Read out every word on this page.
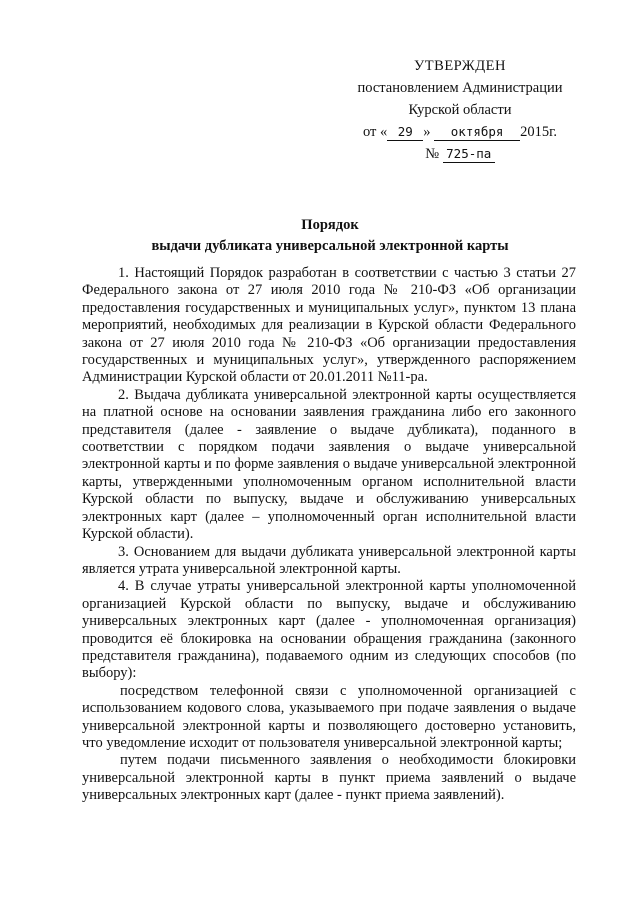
УТВЕРЖДЕН
постановлением Администрации
Курской области
от « 29 » октября 2015г.
№ 725-па
Порядок
выдачи дубликата универсальной электронной карты

1. Настоящий Порядок разработан в соответствии с частью 3 статьи 27 Федерального закона от 27 июля 2010 года № 210-ФЗ «Об организации предоставления государственных и муниципальных услуг», пунктом 13 плана мероприятий, необходимых для реализации в Курской области Федерального закона от 27 июля 2010 года № 210-ФЗ «Об организации предоставления государственных и муниципальных услуг», утвержденного распоряжением Администрации Курской области от 20.01.2011 №11-ра.

2. Выдача дубликата универсальной электронной карты осуществляется на платной основе на основании заявления гражданина либо его законного представителя (далее - заявление о выдаче дубликата), поданного в соответствии с порядком подачи заявления о выдаче универсальной электронной карты и по форме заявления о выдаче универсальной электронной карты, утвержденными уполномоченным органом исполнительной власти Курской области по выпуску, выдаче и обслуживанию универсальных электронных карт (далее – уполномоченный орган исполнительной власти Курской области).

3. Основанием для выдачи дубликата универсальной электронной карты является утрата универсальной электронной карты.

4. В случае утраты универсальной электронной карты уполномоченной организацией Курской области по выпуску, выдаче и обслуживанию универсальных электронных карт (далее - уполномоченная организация) проводится её блокировка на основании обращения гражданина (законного представителя гражданина), подаваемого одним из следующих способов (по выбору):

посредством телефонной связи с уполномоченной организацией с использованием кодового слова, указываемого при подаче заявления о выдаче универсальной электронной карты и позволяющего достоверно установить, что уведомление исходит от пользователя универсальной электронной карты;

путем подачи письменного заявления о необходимости блокировки универсальной электронной карты в пункт приема заявлений о выдаче универсальных электронных карт (далее - пункт приема заявлений).
